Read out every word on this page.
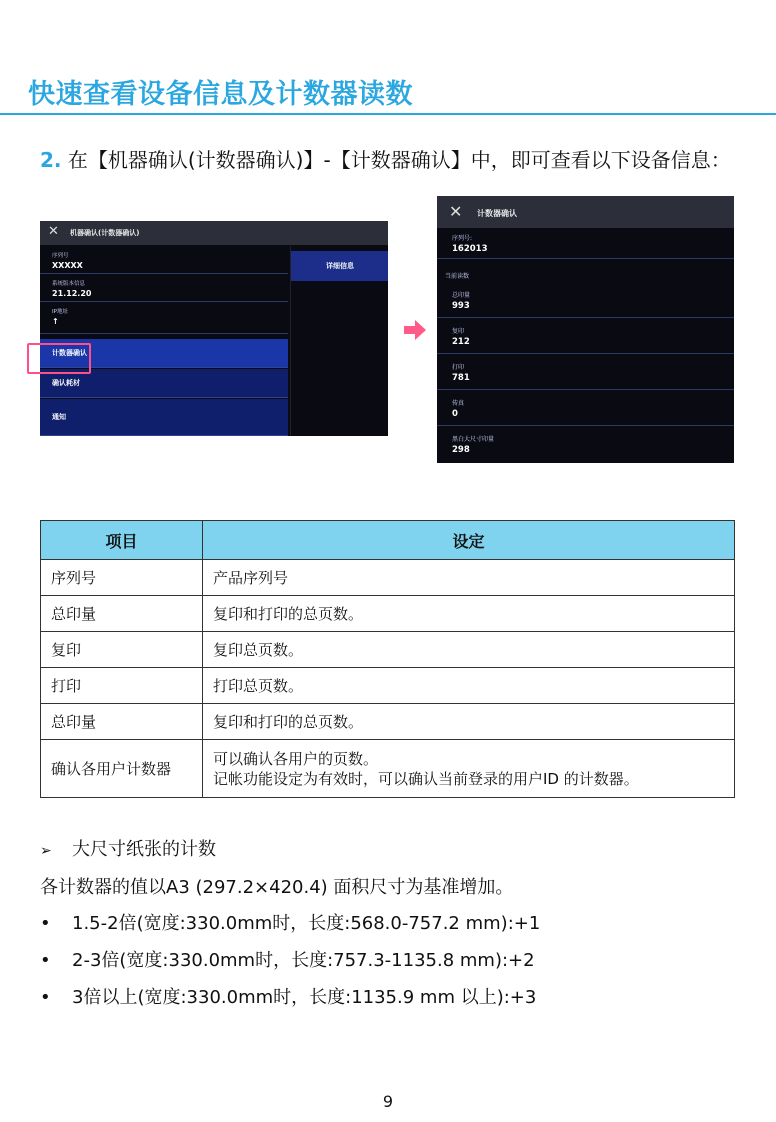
快速查看设备信息及计数器读数
2. 在【机器确认(计数器确认)】-【计数器确认】中，即可查看以下设备信息：
✕ 机器确认(计数器确认)
序列号
XXXXX
系统版本信息
21.12.20
IP地址
↑
计数器确认
确认耗材
通知
详细信息
✕ 计数器确认
序列号:
162013
当前读数
总印量
993
复印
212
打印
781
传真
0
黑白大尺寸印量
298
项目	设定
序列号	产品序列号
总印量	复印和打印的总页数。
复印	复印总页数。
打印	打印总页数。
总印量	复印和打印的总页数。
确认各用户计数器	可以确认各用户的页数。
记帐功能设定为有效时，可以确认当前登录的用户ID 的计数器。
➢ 大尺寸纸张的计数
各计数器的值以A3 (297.2×420.4) 面积尺寸为基准增加。
• 1.5-2倍(宽度:330.0mm时，长度:568.0-757.2 mm):+1
• 2-3倍(宽度:330.0mm时，长度:757.3-1135.8 mm):+2
• 3倍以上(宽度:330.0mm时，长度:1135.9 mm 以上):+3
9
